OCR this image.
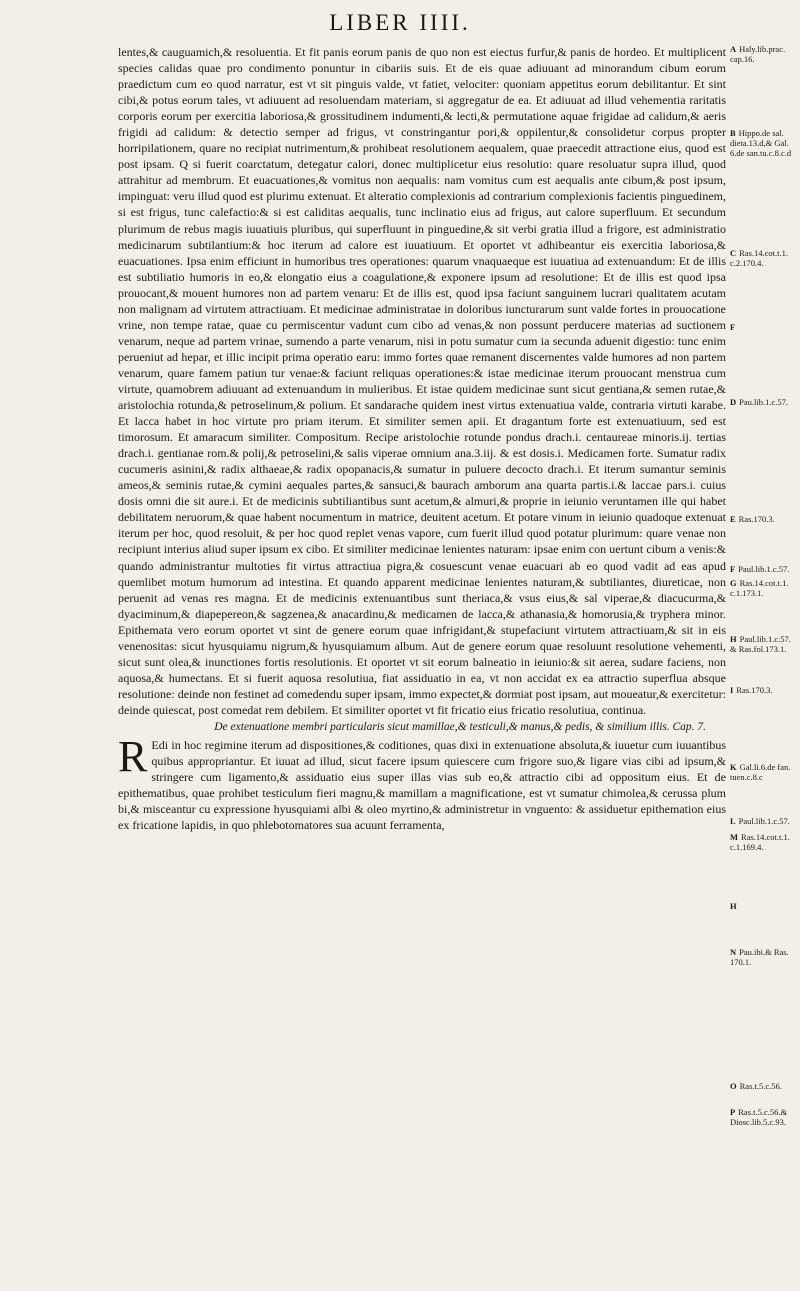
LIBER IIII.

lentes,& cauguamich,& resoluentia. Et fit panis eorum panis de quo non est eiectus furfur,& panis de hordeo. Et multiplicent species calidas quae pro condimento ponuntur in cibariis suis. Et de eis quae adiuuant ad minorandum cibum eorum praedictum cum eo quod narratur, est vt sit pinguis valde, vt fatiet, velociter: quoniam appetitus eorum debilitantur. Et sint cibi,& potus eorum tales, vt adiuuent ad resoluendam materiam, si aggregatur de ea. Et adiuuat ad illud vehementia raritatis corporis eorum per exercitia laboriosa,& grossitudinem indumenti,& lecti,& permutatione aquae frigidae ad calidum,& aeris frigidi ad calidum: & detectio semper ad frigus, vt constringantur pori,& oppilentur,& consolidetur corpus propter horripilationem, quare no recipiat nutrimentum,& prohibeat resolutionem aequalem, quae praecedit attractione eius, quod est post ipsam. Q si fuerit coarctatum, detegatur calori, donec multiplicetur eius resolutio: quare resoluatur supra illud, quod attrahitur ad membrum. Et euacuationes,& vomitus non aequalis: nam vomitus cum est aequalis ante cibum,& post ipsum, impinguat: veru illud quod est plurimu extenuat. Et alteratio complexionis ad contrarium complexionis facientis pinguedinem, si est frigus, tunc calefactio:& si est caliditas aequalis, tunc inclinatio eius ad frigus, aut calore superfluum. Et secundum plurimum de rebus magis iuuatiuis pluribus, qui superfluunt in pinguedine,& sit verbi gratia illud a frigore, est administratio medicinarum subtilantium:& hoc iterum ad calore est iuuatiuum. Et oportet vt adhibeantur eis exercitia laboriosa,& euacuationes. Ipsa enim efficiunt in humoribus tres operationes: quarum vnaquaeque est iuuatiua ad extenuandum: Et de illis est subtiliatio humoris in eo,& elongatio eius a coagulatione,& exponere ipsum ad resolutione: Et de illis est quod ipsa prouocant,& mouent humores non ad partem venaru: Et de illis est, quod ipsa faciunt sanguinem lucrari qualitatem acutam non malignam ad virtutem attractiuam. Et medicinae administratae in doloribus iuncturarum sunt valde fortes in prouocatione vrine, non tempe ratae, quae cu permiscentur vadunt cum cibo ad venas,& non possunt perducere materias ad suctionem venarum, neque ad partem vrinae, sumendo a parte venarum, nisi in potu sumatur cum ia secunda aduenit digestio: tunc enim perueniut ad hepar, et illic incipit prima operatio earu: immo fortes quae remanent discernentes valde humores ad non partem venarum, quare famem patiun tur venae:& faciunt reliquas operationes:& istae medicinae iterum prouocant menstrua cum virtute, quamobrem adiuuant ad extenuandum in mulieribus. Et istae quidem medicinae sunt sicut gentiana,& semen rutae,& aristolochia rotunda,& petroselinum,& polium. Et sandarache quidem inest virtus extenuatiua valde, contraria virtuti karabe. Et lacca habet in hoc virtute pro priam iterum. Et similiter semen apii. Et dragantum forte est extenuatiuum, sed est timorosum. Et amaracum similiter. Compositum. Recipe aristolochie rotunde pondus drach.i. centaureae minoris.ij. tertias drach.i. gentianae rom.& polij,& petroselini,& salis viperae omnium ana.3.iij. & est dosis.i. Medicamen forte. Sumatur radix cucumeris asinini,& radix althaeae,& radix opopanacis,& sumatur in puluere decocto drach.i. Et iterum sumantur seminis ameos,& seminis rutae,& cymini aequales partes,& sansuci,& baurach amborum ana quarta partis.i.& laccae pars.i. cuius dosis omni die sit aure.i. Et de medicinis subtiliantibus sunt acetum,& almuri,& proprie in ieiunio veruntamen ille qui habet debilitatem neruorum,& quae habent nocumentum in matrice, deuitent acetum. Et potare vinum in ieiunio quadoque extenuat iterum per hoc, quod resoluit, & per hoc quod replet venas vapore, cum fuerit illud quod potatur plurimum: quare venae non recipiunt interius aliud super ipsum ex cibo. Et similiter medicinae lenientes naturam: ipsae enim con uertunt cibum a venis:& quando administrantur multoties fit virtus attractiua pigra,& cosuescunt venae euacuari ab eo quod vadit ad eas apud quemlibet motum humorum ad intestina. Et quando apparent medicinae lenientes naturam,& subtiliantes, diureticae, non peruenit ad venas res magna. Et de medicinis extenuantibus sunt theriaca,& vsus eius,& sal viperae,& diacucurma,& dyaciminum,& diapepereon,& sagzenea,& anacardinu,& medicamen de lacca,& athanasia,& homorusia,& tryphera minor. Epithemata vero eorum oportet vt sint de genere eorum quae infrigidant,& stupefaciunt virtutem attractiuam,& sit in eis venenositas: sicut hyusquiamu nigrum,& hyusquiamum album. Aut de genere eorum quae resoluunt resolutione vehementi, sicut sunt olea,& inunctiones fortis resolutionis. Et oportet vt sit eorum balneatio in ieiunio:& sit aerea, sudare faciens, non aquosa,& humectans. Et si fuerit aquosa resolutiua, fiat assiduatio in ea, vt non accidat ex ea attractio superflua absque resolutione: deinde non festinet ad comedendu super ipsam, immo expectet,& dormiat post ipsam, aut moueatur,& exercitetur: deinde quiescat, post comedat rem debilem. Et similiter oportet vt fit fricatio eius fricatio resolutiua, continua.

De extenuatione membri particularis sicut mamillae,& testiculi,& manus,& pedis, & similium illis. Cap. 7.

R Edi in hoc regimine iterum ad dispositiones,& coditiones, quas dixi in extenuatione absoluta,& iuuetur cum iuuantibus quibus appropriantur. Et iuuat ad illud, sicut facere ipsum quiescere cum frigore suo,& ligare vias cibi ad ipsum,& stringere cum ligamento,& assiduatio eius super illas vias sub eo,& attractio cibi ad oppositum eius. Et de epithematibus, quae prohibet testiculum fieri magnu,& mamillam a magnificatione, est vt sumatur chimolea,& cerussa plum bi,& misceantur cu expressione hyusquiami albi & oleo myrtino,& administretur in vnguento: & assiduetur epithemation eius ex fricatione lapidis, in quo phlebotomatores sua acuunt ferramenta,

A Haly.lib.prac. cap.16.
B Hippo.de sal. dieta.13.d,& Gal. 6.de san.tu.c.8.c.d
C Ras.14.cot.t.1. c.2.170.4.
F
D Pau.lib.1.c.57.
E Ras.170.3.
F Paul.lib.1.c.57.
G Ras.14.cot.t.1. c.1.173.1.
H Paul.lib.1.c.57. & Ras.fol.173.1.
I Ras.170.3.
K Gal.li.6.de fan. tuen.c.8.c
L Paul.lib.1.c.57.
M Ras.14.cot.t.1. c.1.169.4.
H
N Pau.ibi.& Ras. 170.1.
O Ras.t.5.c.56.
P Ras.t.5.c.56.& Diosc.lib.5.c.93.
